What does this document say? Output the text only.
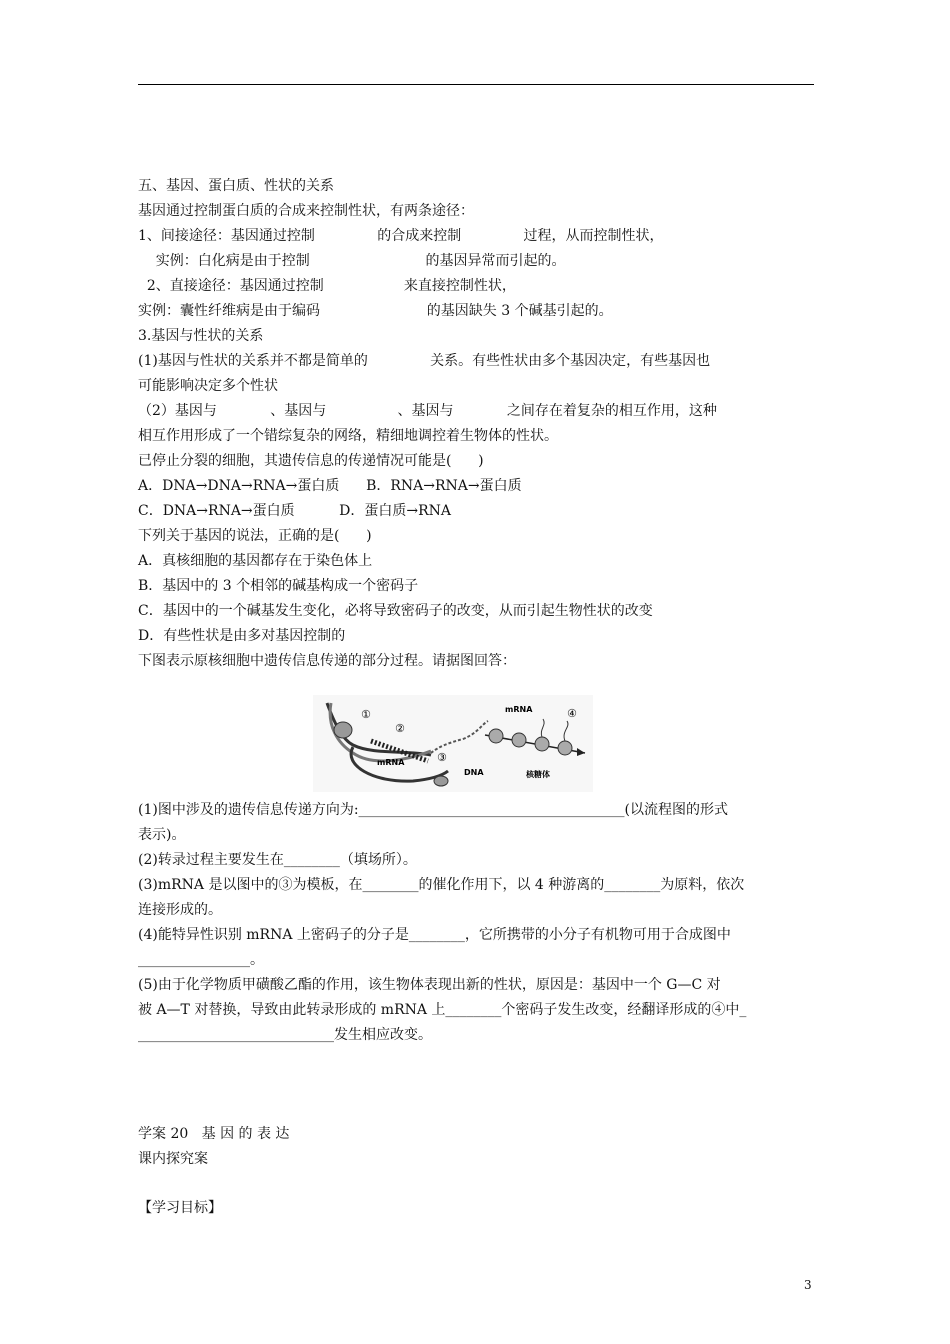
五、基因、蛋白质、性状的关系
基因通过控制蛋白质的合成来控制性状，有两条途径：
1、间接途径：基因通过控制              的合成来控制              过程，从而控制性状，
实例：白化病是由于控制                          的基因异常而引起的。
2、直接途径：基因通过控制                  来直接控制性状，
实例：囊性纤维病是由于编码                        的基因缺失 3 个碱基引起的。
3.基因与性状的关系
(1)基因与性状的关系并不都是简单的              关系。有些性状由多个基因决定，有些基因也
可能影响决定多个性状
（2）基因与            、基因与                、基因与            之间存在着复杂的相互作用，这种
相互作用形成了一个错综复杂的网络，精细地调控着生物体的性状。
已停止分裂的细胞，其遗传信息的传递情况可能是(      )
A．DNA→DNA→RNA→蛋白质      B．RNA→RNA→蛋白质
C．DNA→RNA→蛋白质          D．蛋白质→RNA
下列关于基因的说法，正确的是(      )
A．真核细胞的基因都存在于染色体上
B．基因中的 3 个相邻的碱基构成一个密码子
C．基因中的一个碱基发生变化，必将导致密码子的改变，从而引起生物性状的改变
D．有些性状是由多对基因控制的
下图表示原核细胞中遗传信息传递的部分过程。请据图回答：
①
②
③
④
mRNA
mRNA
DNA	核糖体
(1)图中涉及的遗传信息传递方向为:______________________________________(以流程图的形式
表示)。
(2)转录过程主要发生在________（填场所）。
(3)mRNA 是以图中的③为模板，在________的催化作用下，以 4 种游离的________为原料，依次
连接形成的。
(4)能特异性识别 mRNA 上密码子的分子是________，它所携带的小分子有机物可用于合成图中
________________。
(5)由于化学物质甲磺酸乙酯的作用，该生物体表现出新的性状，原因是：基因中一个 G—C 对
被 A—T 对替换，导致由此转录形成的 mRNA 上________个密码子发生改变，经翻译形成的④中_
____________________________发生相应改变。
学案 20   基 因 的 表 达
课内探究案
【学习目标】
3
